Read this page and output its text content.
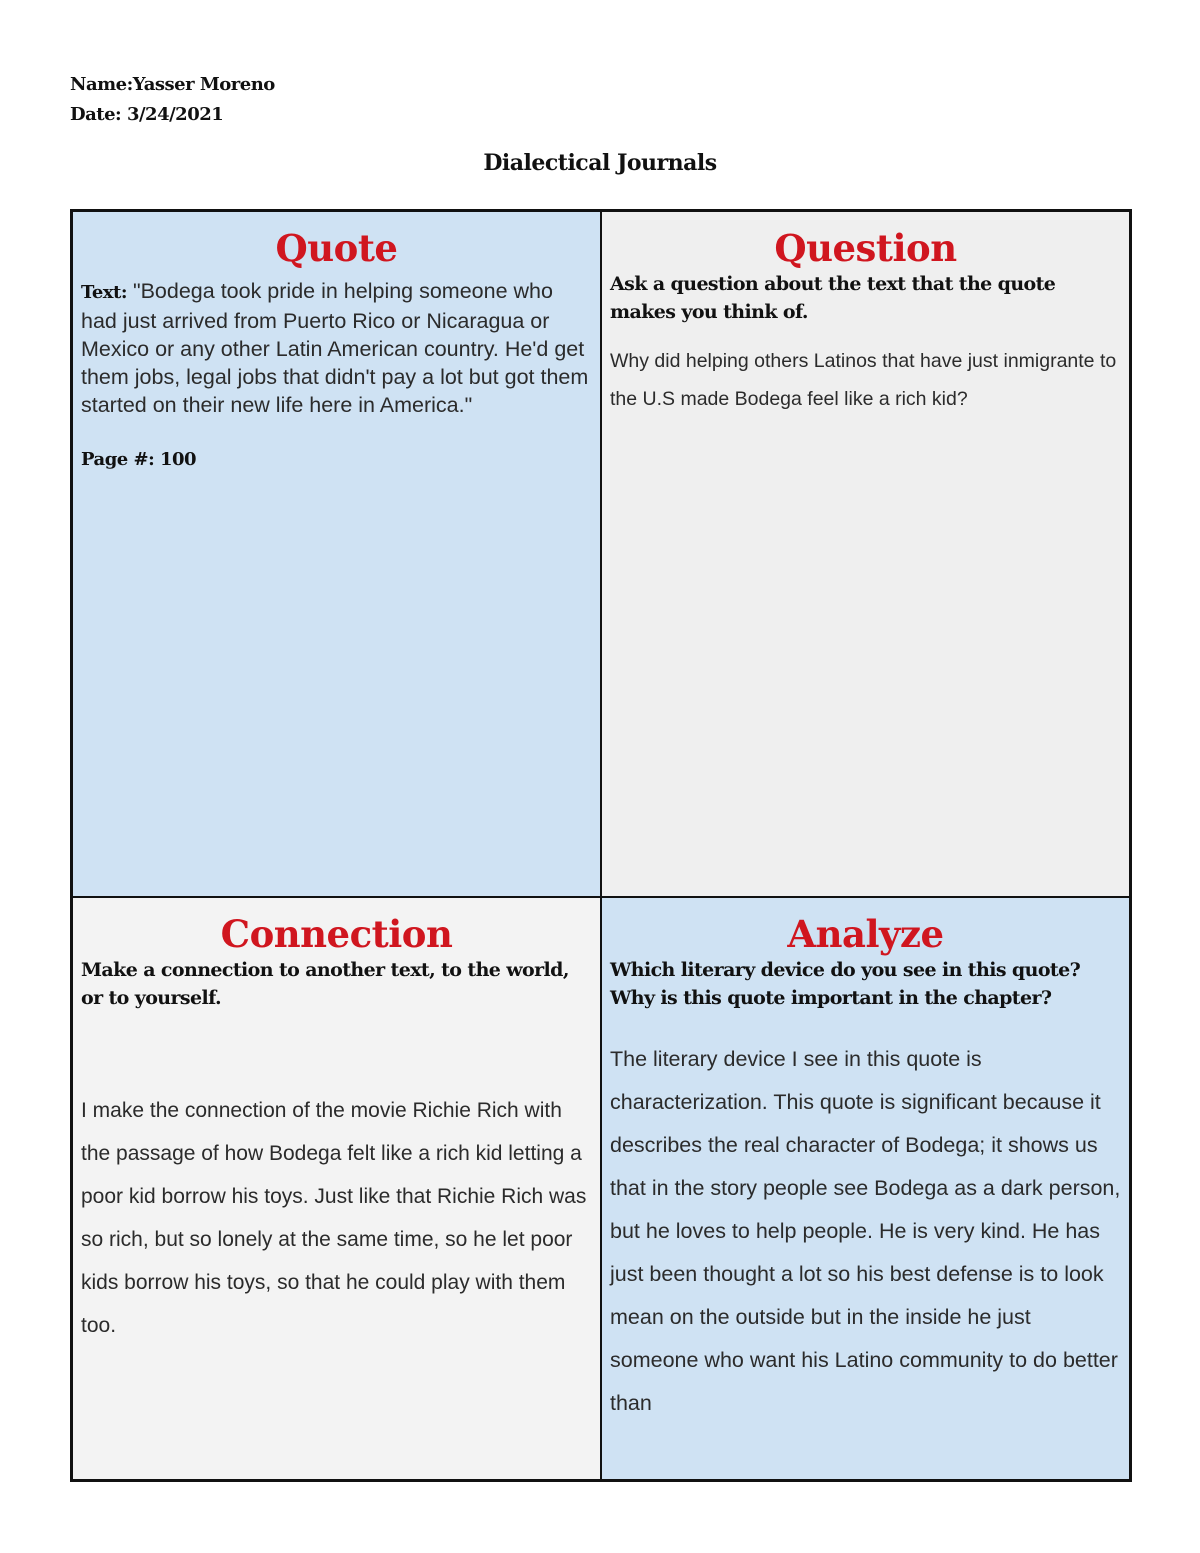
Name:Yasser Moreno
Date: 3/24/2021
Dialectical Journals
Quote
Text: "Bodega took pride in helping someone who had just arrived from Puerto Rico or Nicaragua or Mexico or any other Latin American country. He'd get them jobs, legal jobs that didn't pay a lot but got them started on their new life here in America."
Page #: 100
Question
Ask a question about the text that the quote makes you think of.
Why did helping others Latinos that have just inmigrante to the U.S made Bodega feel like a rich kid?
Connection
Make a connection to another text, to the world, or to yourself.
I make the connection of the movie Richie Rich with the passage of how Bodega felt like a rich kid letting a poor kid borrow his toys. Just like that Richie Rich was so rich, but so lonely at the same time, so he let poor kids borrow his toys, so that he could play with them too.
Analyze
Which literary device do you see in this quote?
Why is this quote important in the chapter?
The literary device I see in this quote is characterization. This quote is significant because it describes the real character of Bodega; it shows us that in the story people see Bodega as a dark person, but he loves to help people. He is very kind. He has just been thought a lot so his best defense is to look mean on the outside but in the inside he just someone who want his Latino community to do better than
